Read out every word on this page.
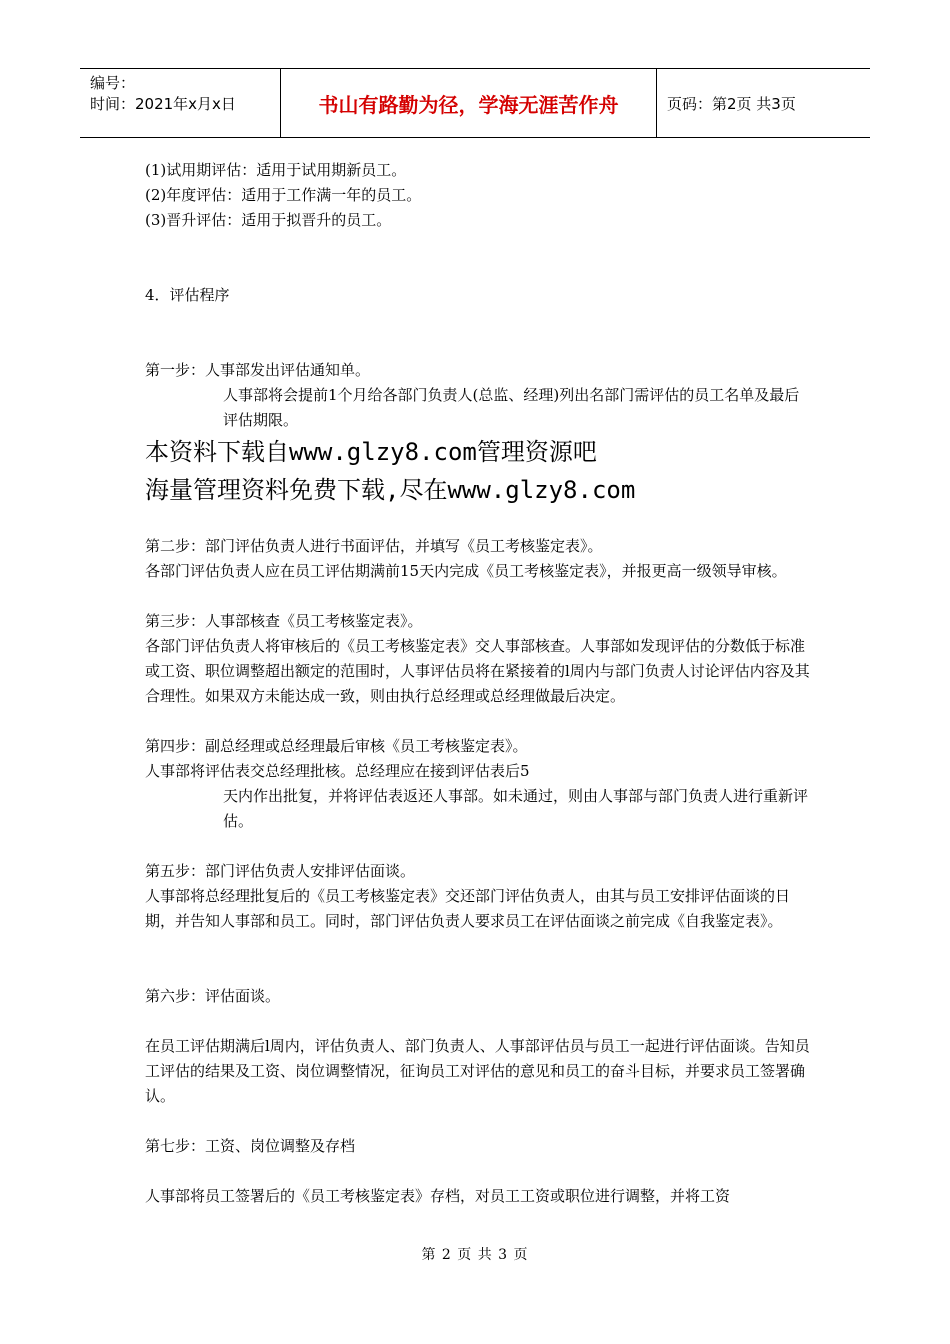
编号：
时间：2021年x月x日	书山有路勤为径，学海无涯苦作舟	页码：第2页 共3页

(1)试用期评估：适用于试用期新员工。

(2)年度评估：适用于工作满一年的员工。

(3)晋升评估：适用于拟晋升的员工。

4．评估程序

第一步：人事部发出评估通知单。

人事部将会提前1个月给各部门负责人(总监、经理)列出名部门需评估的员工名单及最后评估期限。

本资料下载自www.glzy8.com管理资源吧

海量管理资料免费下载,尽在www.glzy8.com

第二步：部门评估负责人进行书面评估，并填写《员工考核鉴定表》。

各部门评估负责人应在员工评估期满前15天内完成《员工考核鉴定表》，并报更高一级领导审核。

第三步：人事部核查《员工考核鉴定表》。

各部门评估负责人将审核后的《员工考核鉴定表》交人事部核查。人事部如发现评估的分数低于标准或工资、职位调整超出额定的范围时，人事评估员将在紧接着的l周内与部门负责人讨论评估内容及其合理性。如果双方未能达成一致，则由执行总经理或总经理做最后决定。

第四步：副总经理或总经理最后审核《员工考核鉴定表》。

人事部将评估表交总经理批核。总经理应在接到评估表后5

天内作出批复，并将评估表返还人事部。如未通过，则由人事部与部门负责人进行重新评估。

第五步：部门评估负责人安排评估面谈。

人事部将总经理批复后的《员工考核鉴定表》交还部门评估负责人，由其与员工安排评估面谈的日期，并告知人事部和员工。同时，部门评估负责人要求员工在评估面谈之前完成《自我鉴定表》。

第六步：评估面谈。

在员工评估期满后l周内，评估负责人、部门负责人、人事部评估员与员工一起进行评估面谈。告知员工评估的结果及工资、岗位调整情况，征询员工对评估的意见和员工的奋斗目标，并要求员工签署确认。

第七步：工资、岗位调整及存档

人事部将员工签署后的《员工考核鉴定表》存档，对员工工资或职位进行调整，并将工资

第 2 页 共 3 页
